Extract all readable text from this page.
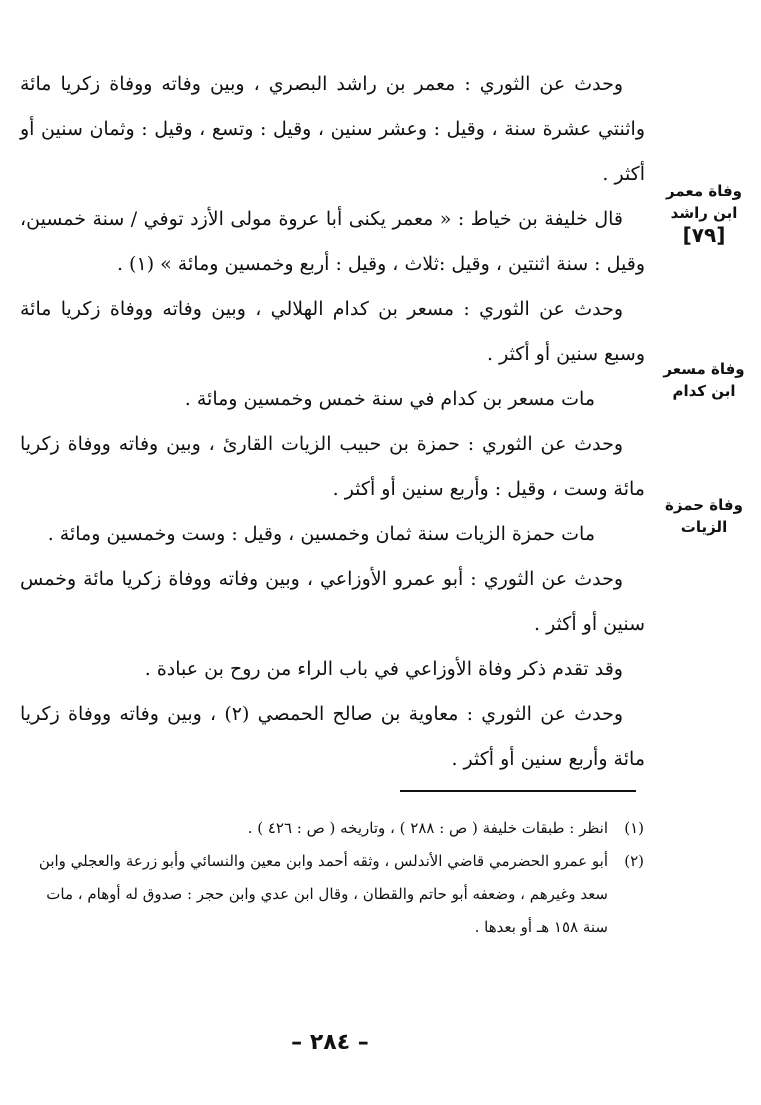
وحدث عن الثوري : معمر بن راشد البصري ، وبين وفاته ووفاة زكريا مائة واثنتي عشرة سنة ، وقيل : وعشر سنين ، وقيل : وتسع ، وقيل : وثمان سنين أو أكثر .

قال خليفة بن خياط : « معمر يكنى أبا عروة مولى الأزد توفي / سنة خمسين، وقيل : سنة اثنتين ، وقيل :ثلاث ، وقيل : أربع وخمسين ومائة » (١) .

وحدث عن الثوري : مسعر بن كدام الهلالي ، وبين وفاته ووفاة زكريا مائة وسبع سنين أو أكثر .

مات مسعر بن كدام في سنة خمس وخمسين ومائة .

وحدث عن الثوري : حمزة بن حبيب الزيات القارئ ، وبين وفاته ووفاة زكريا مائة وست ، وقيل : وأربع سنين أو أكثر .

مات حمزة الزيات سنة ثمان وخمسين ، وقيل : وست وخمسين ومائة .

وحدث عن الثوري : أبو عمرو الأوزاعي ، وبين وفاته ووفاة زكريا مائة وخمس سنين أو أكثر .

وقد تقدم ذكر وفاة الأوزاعي في باب الراء من روح بن عبادة .

وحدث عن الثوري : معاوية بن صالح الحمصي (٢) ، وبين وفاته ووفاة زكريا مائة وأربع سنين أو أكثر .

وفاة معمر
ابن راشد
[٧٩]
وفاة مسعر
ابن كدام
وفاة حمزة
الزيات
(١)
انظر : طبقات خليفة ( ص : ٢٨٨ ) ، وتاريخه ( ص : ٤٢٦ ) .
(٢)
أبو عمرو الحضرمي قاضي الأندلس ، وثقه أحمد وابن معين والنسائي وأبو زرعة والعجلي وابن سعد وغيرهم ، وضعفه أبو حاتم والقطان ، وقال ابن عدي وابن حجر : صدوق له أوهام ، مات سنة ١٥٨ هـ أو بعدها .
– ٢٨٤ –
